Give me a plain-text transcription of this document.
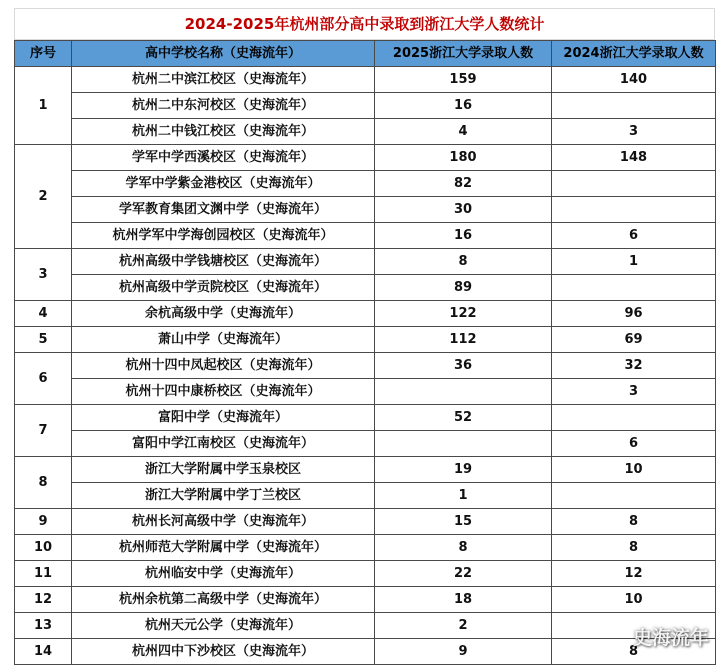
2024-2025年杭州部分高中录取到浙江大学人数统计
序号	高中学校名称（史海流年）	2025浙江大学录取人数	2024浙江大学录取人数
1	杭州二中滨江校区（史海流年）	159	140
	杭州二中东河校区（史海流年）	16	
	杭州二中钱江校区（史海流年）	4	3
2	学军中学西溪校区（史海流年）	180	148
	学军中学紫金港校区（史海流年）	82	
	学军教育集团文渊中学（史海流年）	30	
	杭州学军中学海创园校区（史海流年）	16	6
3	杭州高级中学钱塘校区（史海流年）	8	1
	杭州高级中学贡院校区（史海流年）	89	
4	余杭高级中学（史海流年）	122	96
5	萧山中学（史海流年）	112	69
6	杭州十四中凤起校区（史海流年）	36	32
	杭州十四中康桥校区（史海流年）		3
7	富阳中学（史海流年）	52	
	富阳中学江南校区（史海流年）		6
8	浙江大学附属中学玉泉校区	19	10
	浙江大学附属中学丁兰校区	1	
9	杭州长河高级中学（史海流年）	15	8
10	杭州师范大学附属中学（史海流年）	8	8
11	杭州临安中学（史海流年）	22	12
12	杭州余杭第二高级中学（史海流年）	18	10
13	杭州天元公学（史海流年）	2	
14	杭州四中下沙校区（史海流年）	9	8
史海流年
